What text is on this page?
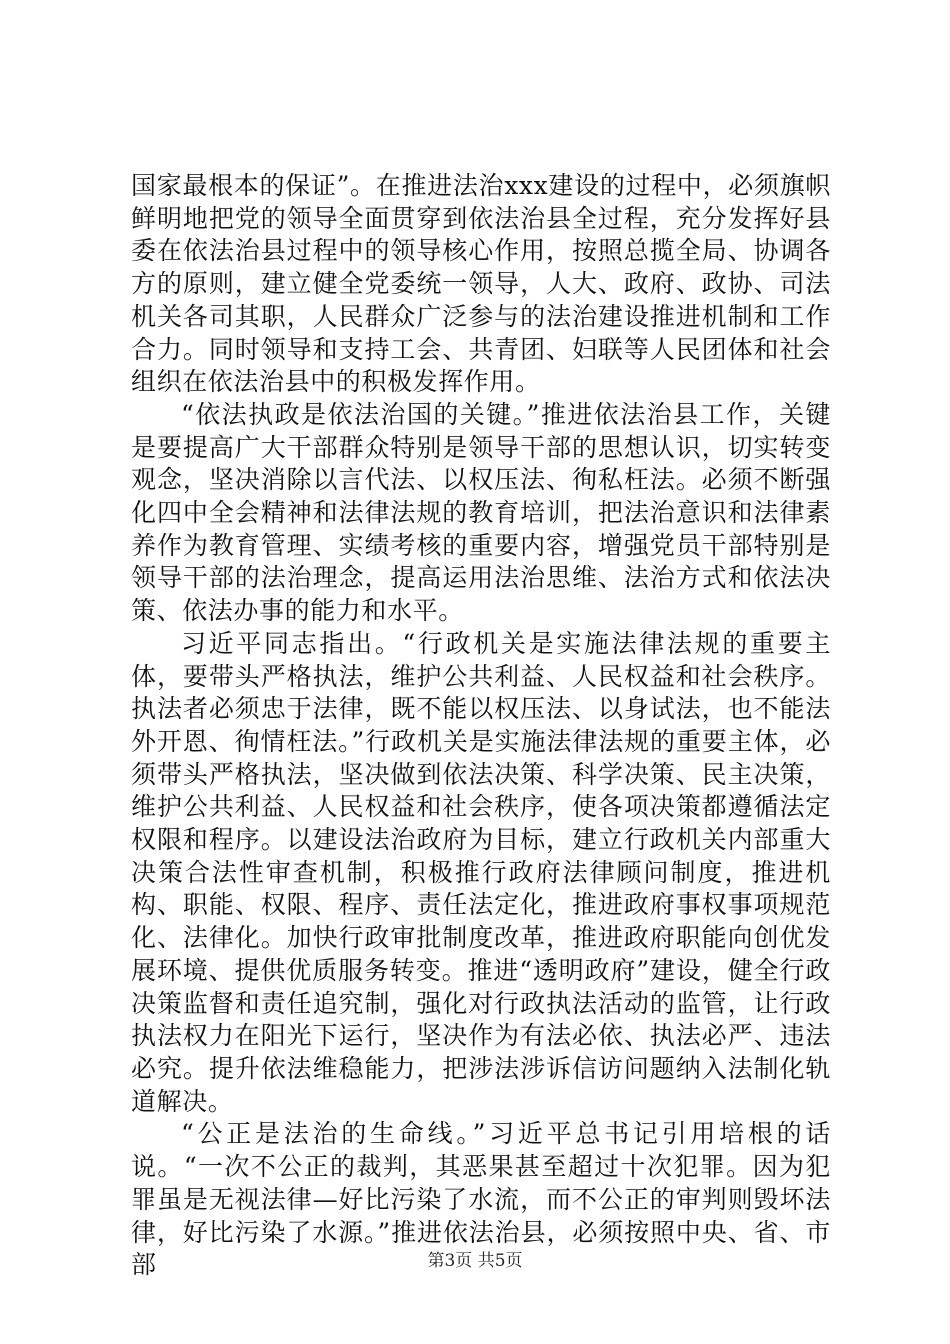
国家最根本的保证”。在推进法治xxx建设的过程中，必须旗帜鲜明地把党的领导全面贯穿到依法治县全过程，充分发挥好县委在依法治县过程中的领导核心作用，按照总揽全局、协调各方的原则，建立健全党委统一领导，人大、政府、政协、司法机关各司其职，人民群众广泛参与的法治建设推进机制和工作合力。同时领导和支持工会、共青团、妇联等人民团体和社会组织在依法治县中的积极发挥作用。

“依法执政是依法治国的关键。”推进依法治县工作，关键是要提高广大干部群众特别是领导干部的思想认识，切实转变观念，坚决消除以言代法、以权压法、徇私枉法。必须不断强化四中全会精神和法律法规的教育培训，把法治意识和法律素养作为教育管理、实绩考核的重要内容，增强党员干部特别是领导干部的法治理念，提高运用法治思维、法治方式和依法决策、依法办事的能力和水平。

习近平同志指出。“行政机关是实施法律法规的重要主体，要带头严格执法，维护公共利益、人民权益和社会秩序。执法者必须忠于法律，既不能以权压法、以身试法，也不能法外开恩、徇情枉法。”行政机关是实施法律法规的重要主体，必须带头严格执法，坚决做到依法决策、科学决策、民主决策，维护公共利益、人民权益和社会秩序，使各项决策都遵循法定权限和程序。以建设法治政府为目标，建立行政机关内部重大决策合法性审查机制，积极推行政府法律顾问制度，推进机构、职能、权限、程序、责任法定化，推进政府事权事项规范化、法律化。加快行政审批制度改革，推进政府职能向创优发展环境、提供优质服务转变。推进“透明政府”建设，健全行政决策监督和责任追究制，强化对行政执法活动的监管，让行政执法权力在阳光下运行，坚决作为有法必依、执法必严、违法必究。提升依法维稳能力，把涉法涉诉信访问题纳入法制化轨道解决。

“公正是法治的生命线。”习近平总书记引用培根的话说。“一次不公正的裁判，其恶果甚至超过十次犯罪。因为犯罪虽是无视法律—好比污染了水流，而不公正的审判则毁坏法律，好比污染了水源。”推进依法治县，必须按照中央、省、市部	第3页 共5页
